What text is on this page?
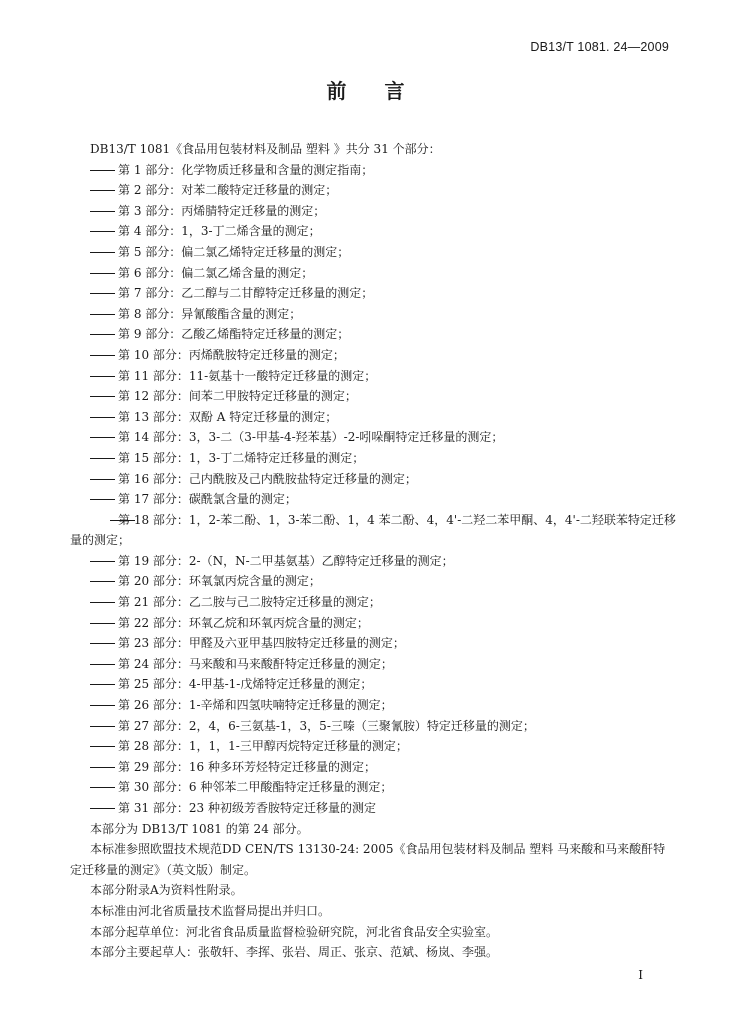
DB13/T 1081. 24—2009
前言
DB13/T 1081《食品用包装材料及制品 塑料 》共分 31 个部分：
第 1 部分：化学物质迁移量和含量的测定指南；
第 2 部分：对苯二酸特定迁移量的测定；
第 3 部分：丙烯腈特定迁移量的测定；
第 4 部分：1，3-丁二烯含量的测定；
第 5 部分：偏二氯乙烯特定迁移量的测定；
第 6 部分：偏二氯乙烯含量的测定；
第 7 部分：乙二醇与二甘醇特定迁移量的测定；
第 8 部分：异氰酸酯含量的测定；
第 9 部分：乙酸乙烯酯特定迁移量的测定；
第 10 部分：丙烯酰胺特定迁移量的测定；
第 11 部分：11-氨基十一酸特定迁移量的测定；
第 12 部分：间苯二甲胺特定迁移量的测定；
第 13 部分：双酚 A 特定迁移量的测定；
第 14 部分：3，3-二（3-甲基-4-羟苯基）-2-吲哚酮特定迁移量的测定；
第 15 部分：1，3-丁二烯特定迁移量的测定；
第 16 部分：己内酰胺及己内酰胺盐特定迁移量的测定；
第 17 部分：碳酰氯含量的测定；
第 18 部分：1，2-苯二酚、1，3-苯二酚、1，4 苯二酚、4，4'-二羟二苯甲酮、4，4'-二羟联苯特定迁移量的测定；
第 19 部分：2-（N，N-二甲基氨基）乙醇特定迁移量的测定；
第 20 部分：环氧氯丙烷含量的测定；
第 21 部分：乙二胺与己二胺特定迁移量的测定；
第 22 部分：环氧乙烷和环氧丙烷含量的测定；
第 23 部分：甲醛及六亚甲基四胺特定迁移量的测定；
第 24 部分：马来酸和马来酸酐特定迁移量的测定；
第 25 部分：4-甲基-1-戊烯特定迁移量的测定；
第 26 部分：1-辛烯和四氢呋喃特定迁移量的测定；
第 27 部分：2，4，6-三氨基-1，3，5-三嗪（三聚氰胺）特定迁移量的测定；
第 28 部分：1，1，1-三甲醇丙烷特定迁移量的测定；
第 29 部分：16 种多环芳烃特定迁移量的测定；
第 30 部分：6 种邻苯二甲酸酯特定迁移量的测定；
第 31 部分：23 种初级芳香胺特定迁移量的测定
本部分为 DB13/T 1081 的第 24 部分。
本标准参照欧盟技术规范DD CEN/TS 13130-24: 2005《食品用包装材料及制品 塑料 马来酸和马来酸酐特定迁移量的测定》（英文版）制定。
本部分附录A为资料性附录。
本标准由河北省质量技术监督局提出并归口。
本部分起草单位：河北省食品质量监督检验研究院，河北省食品安全实验室。
本部分主要起草人：张敬轩、李挥、张岩、周正、张京、范斌、杨岚、李强。
I
